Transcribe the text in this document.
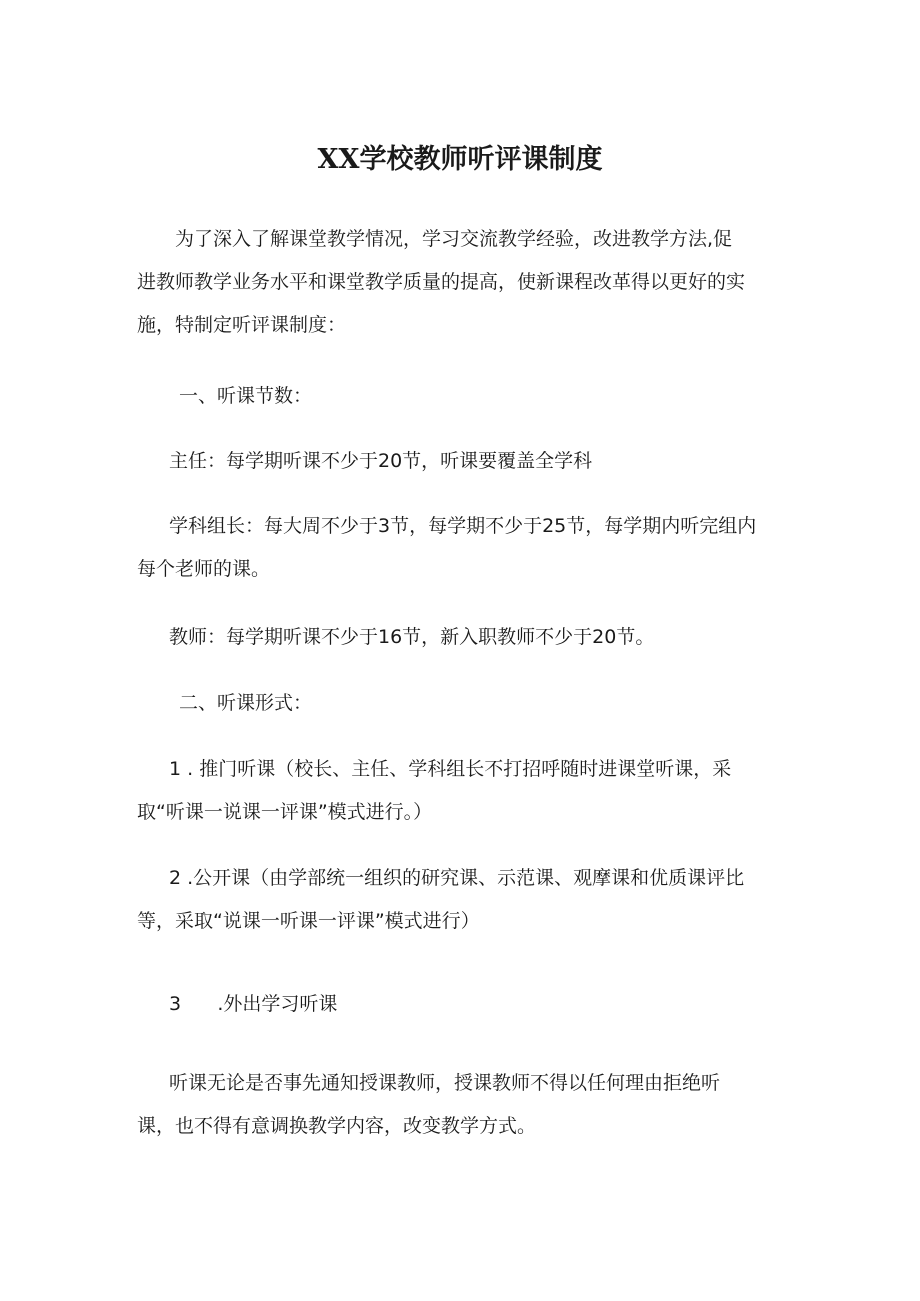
XX学校教师听评课制度
为了深入了解课堂教学情况，学习交流教学经验，改进教学方法,促
进教师教学业务水平和课堂教学质量的提高，使新课程改革得以更好的实
施，特制定听评课制度：
一、听课节数：
主任：每学期听课不少于20节，听课要覆盖全学科
学科组长：每大周不少于3节，每学期不少于25节，每学期内听完组内
每个老师的课。
教师：每学期听课不少于16节，新入职教师不少于20节。
二、听课形式：
1 . 推门听课（校长、主任、学科组长不打招呼随时进课堂听课，采
取“听课一说课一评课”模式进行。）
2 .公开课（由学部统一组织的研究课、示范课、观摩课和优质课评比
等，采取“说课一听课一评课”模式进行）
3      .外出学习听课
听课无论是否事先通知授课教师，授课教师不得以任何理由拒绝听
课，也不得有意调换教学内容，改变教学方式。
